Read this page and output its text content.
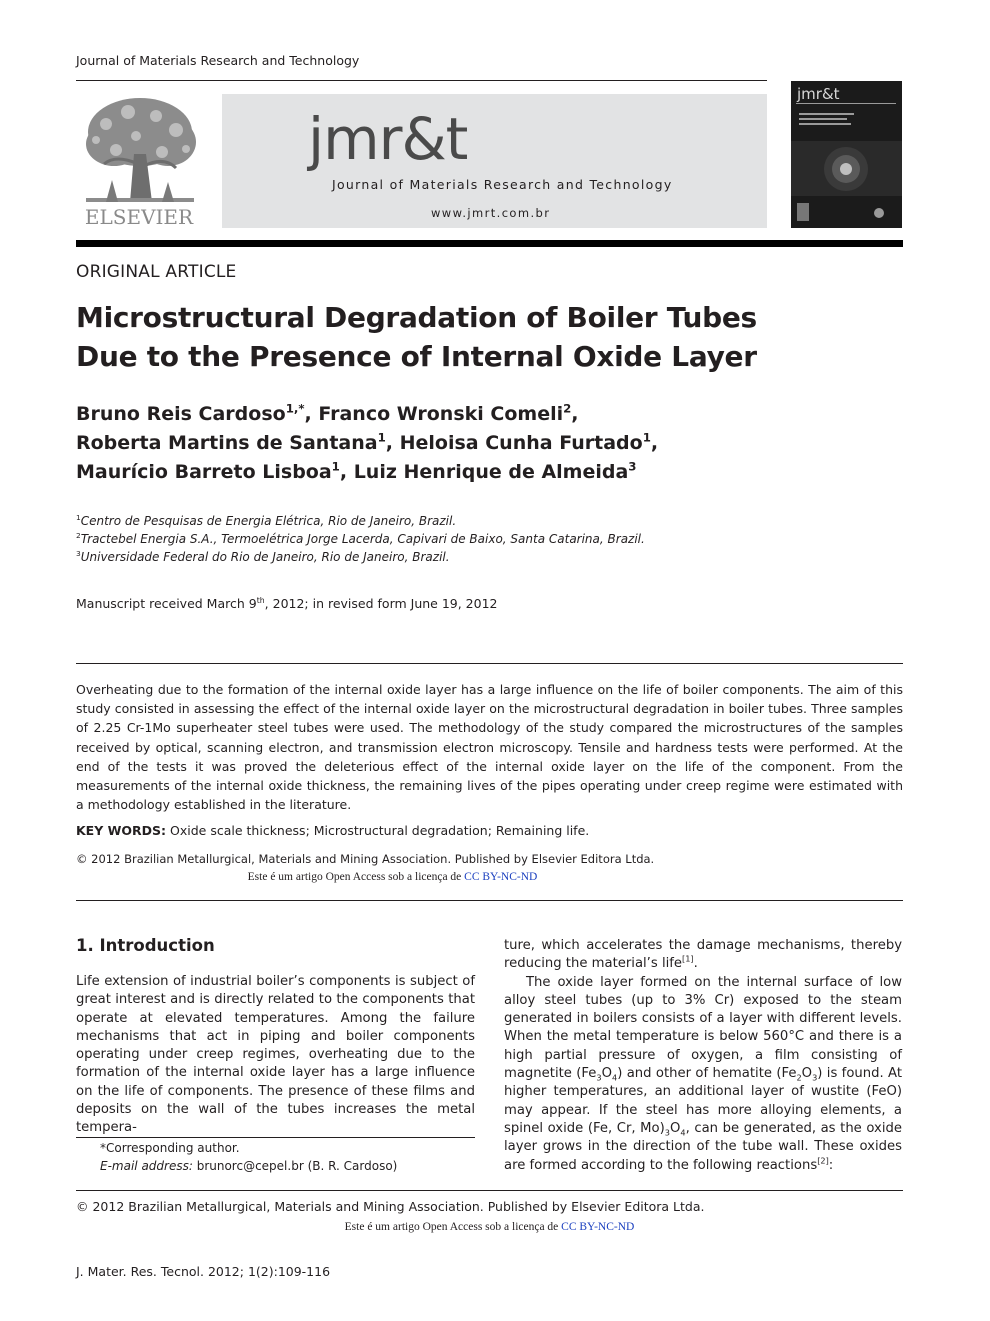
Journal of Materials Research and Technology
ELSEVIER
jmr&t
Journal of Materials Research and Technology
www.jmrt.com.br
jmr&t
ORIGINAL ARTICLE
Microstructural Degradation of Boiler Tubes
Due to the Presence of Internal Oxide Layer
Bruno Reis Cardoso$^{1,*}$, Franco Wronski Comeli$^2$,
Roberta Martins de Santana$^1$, Heloisa Cunha Furtado$^1$,
Maurício Barreto Lisboa$^1$, Luiz Henrique de Almeida$^3$
$^1$Centro de Pesquisas de Energia Elétrica, Rio de Janeiro, Brazil.
$^2$Tractebel Energia S.A., Termoelétrica Jorge Lacerda, Capivari de Baixo, Santa Catarina, Brazil.
$^3$Universidade Federal do Rio de Janeiro, Rio de Janeiro, Brazil.
Manuscript received March 9th, 2012; in revised form June 19, 2012
Overheating due to the formation of the internal oxide layer has a large influence on the life of boiler components. The aim of this study consisted in assessing the effect of the internal oxide layer on the microstructural degradation in boiler tubes. Three samples of 2.25 Cr-1Mo superheater steel tubes were used. The methodology of the study compared the microstructures of the samples received by optical, scanning electron, and transmission electron microscopy. Tensile and hardness tests were performed. At the end of the tests it was proved the deleterious effect of the internal oxide layer on the life of the component. From the measurements of the internal oxide thickness, the remaining lives of the pipes operating under creep regime were estimated with a methodology established in the literature.
KEY WORDS: Oxide scale thickness; Microstructural degradation; Remaining life.
© 2012 Brazilian Metallurgical, Materials and Mining Association. Published by Elsevier Editora Ltda.
Este é um artigo Open Access sob a licença de CC BY-NC-ND
1. Introduction

Life extension of industrial boiler’s components is subject of great interest and is directly related to the components that operate at elevated temperatures. Among the failure mechanisms that act in piping and boiler components operating under creep regimes, overheating due to the formation of the internal oxide layer has a large influence on the life of components. The presence of these films and deposits on the wall of the tubes increases the metal tempera-

ture, which accelerates the damage mechanisms, thereby reducing the material’s life[1].

The oxide layer formed on the internal surface of low alloy steel tubes (up to 3% Cr) exposed to the steam generated in boilers consists of a layer with different levels. When the metal temperature is below 560°C and there is a high partial pressure of oxygen, a film consisting of magnetite $(Fe_3O_4)$ and other of hematite $(Fe_2O_3)$ is found. At higher temperatures, an additional layer of wustite (FeO) may appear. If the steel has more alloying elements, a spinel oxide (Fe, Cr, $Mo)_3O_4$, can be generated, as the oxide layer grows in the direction of the tube wall. These oxides are formed according to the following reactions[2]:

*Corresponding author.
E-mail address: brunorc@cepel.br (B. R. Cardoso)
© 2012 Brazilian Metallurgical, Materials and Mining Association. Published by Elsevier Editora Ltda.
Este é um artigo Open Access sob a licença de CC BY-NC-ND
J. Mater. Res. Tecnol. 2012; 1(2):109-116
